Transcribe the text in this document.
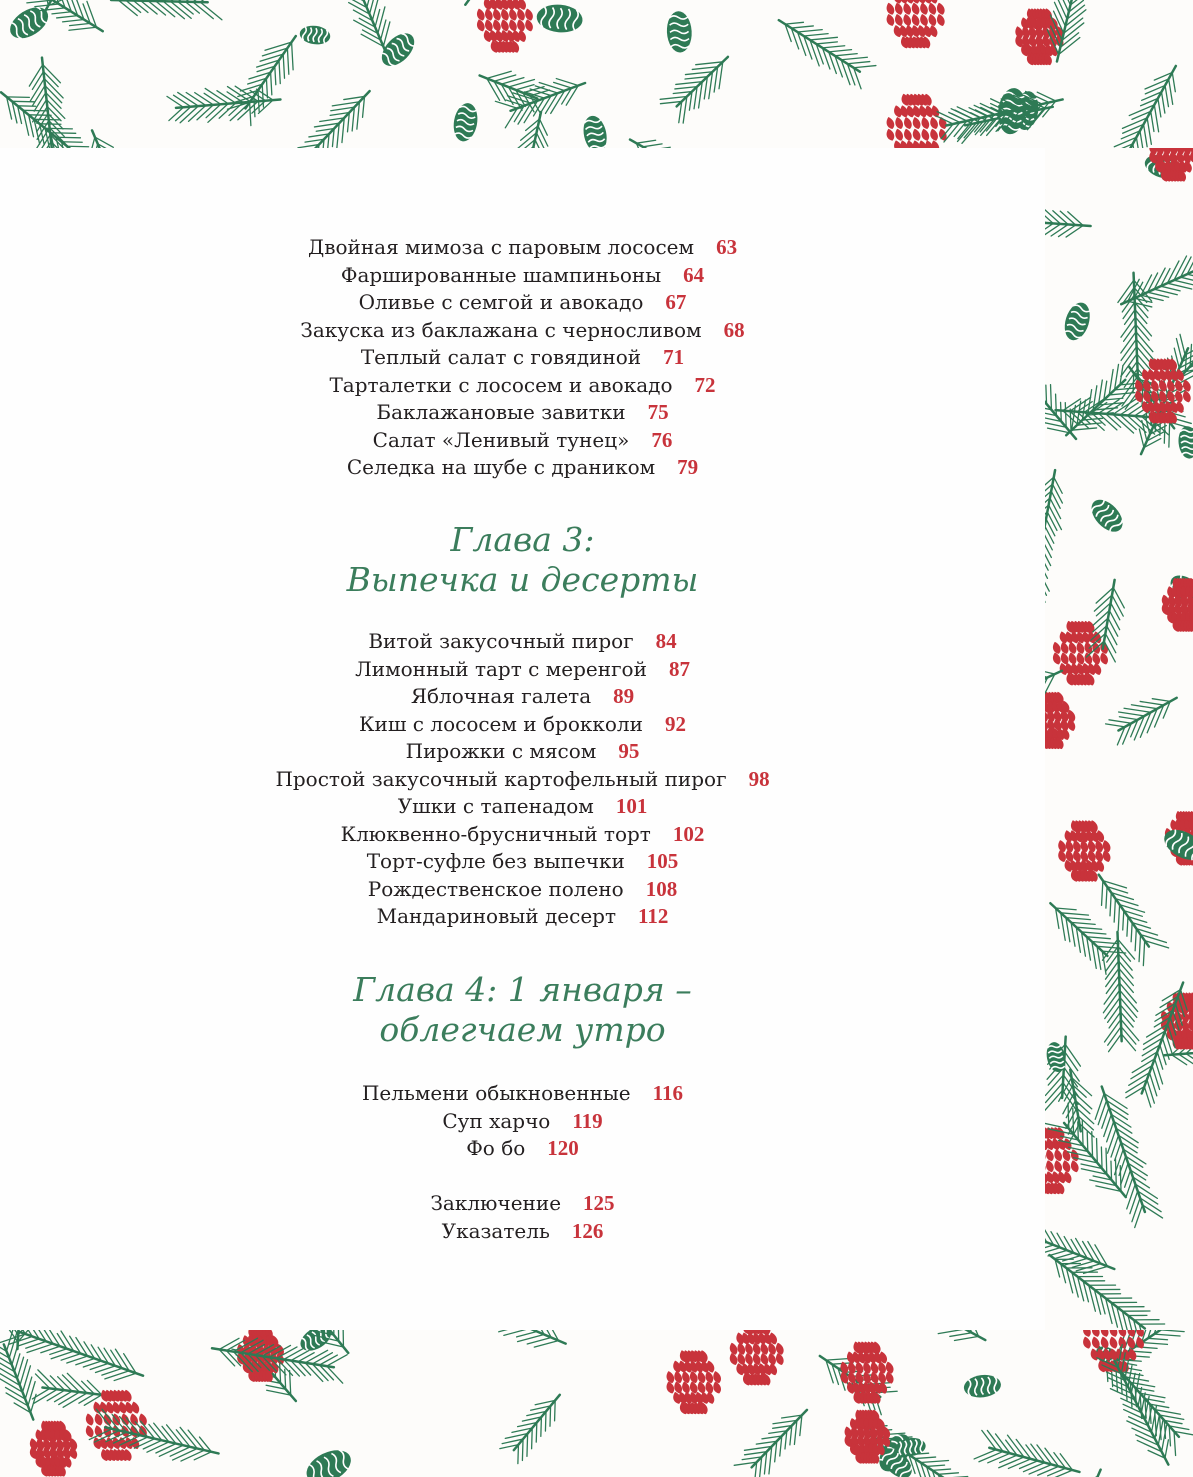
Двойная мимоза с паровым лососем 63
Фаршированные шампиньоны 64
Оливье с семгой и авокадо 67
Закуска из баклажана с черносливом 68
Теплый салат с говядиной 71
Тарталетки с лососем и авокадо 72
Баклажановые завитки 75
Салат «Ленивый тунец» 76
Селедка на шубе с драником 79
Глава 3:
Выпечка и десерты
Витой закусочный пирог 84
Лимонный тарт с меренгой 87
Яблочная галета 89
Киш с лососем и брокколи 92
Пирожки с мясом 95
Простой закусочный картофельный пирог 98
Ушки с тапенадом 101
Клюквенно-брусничный торт 102
Торт-суфле без выпечки 105
Рождественское полено 108
Мандариновый десерт 112
Глава 4: 1 января –
облегчаем утро
Пельмени обыкновенные 116
Суп харчо 119
Фо бо 120
Заключение 125
Указатель 126
